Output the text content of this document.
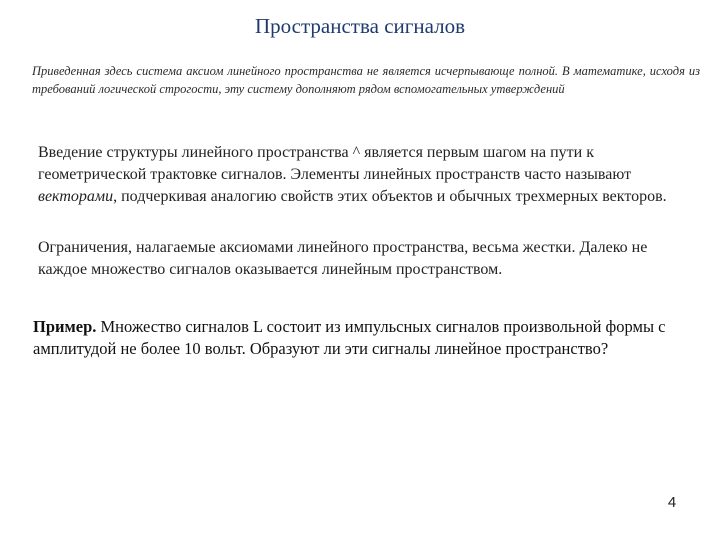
Пространства сигналов
Приведенная здесь система аксиом линейного пространства не является исчерпывающе полной. В математике, исходя из требований логической строгости, эту систему дополняют рядом вспомогательных утверждений
Введение структуры линейного пространства ^ является первым шагом на пути к геометрической трактовке сигналов. Элементы линейных пространств часто называют векторами, подчеркивая аналогию свойств этих объектов и обычных трехмерных векторов.
Ограничения, налагаемые аксиомами линейного пространства, весьма жестки. Далеко не каждое множество сигналов оказывается линейным пространством.
Пример. Множество сигналов L состоит из импульсных сигналов произвольной формы с амплитудой не более 10 вольт. Образуют ли эти сигналы линейное пространство?
4
